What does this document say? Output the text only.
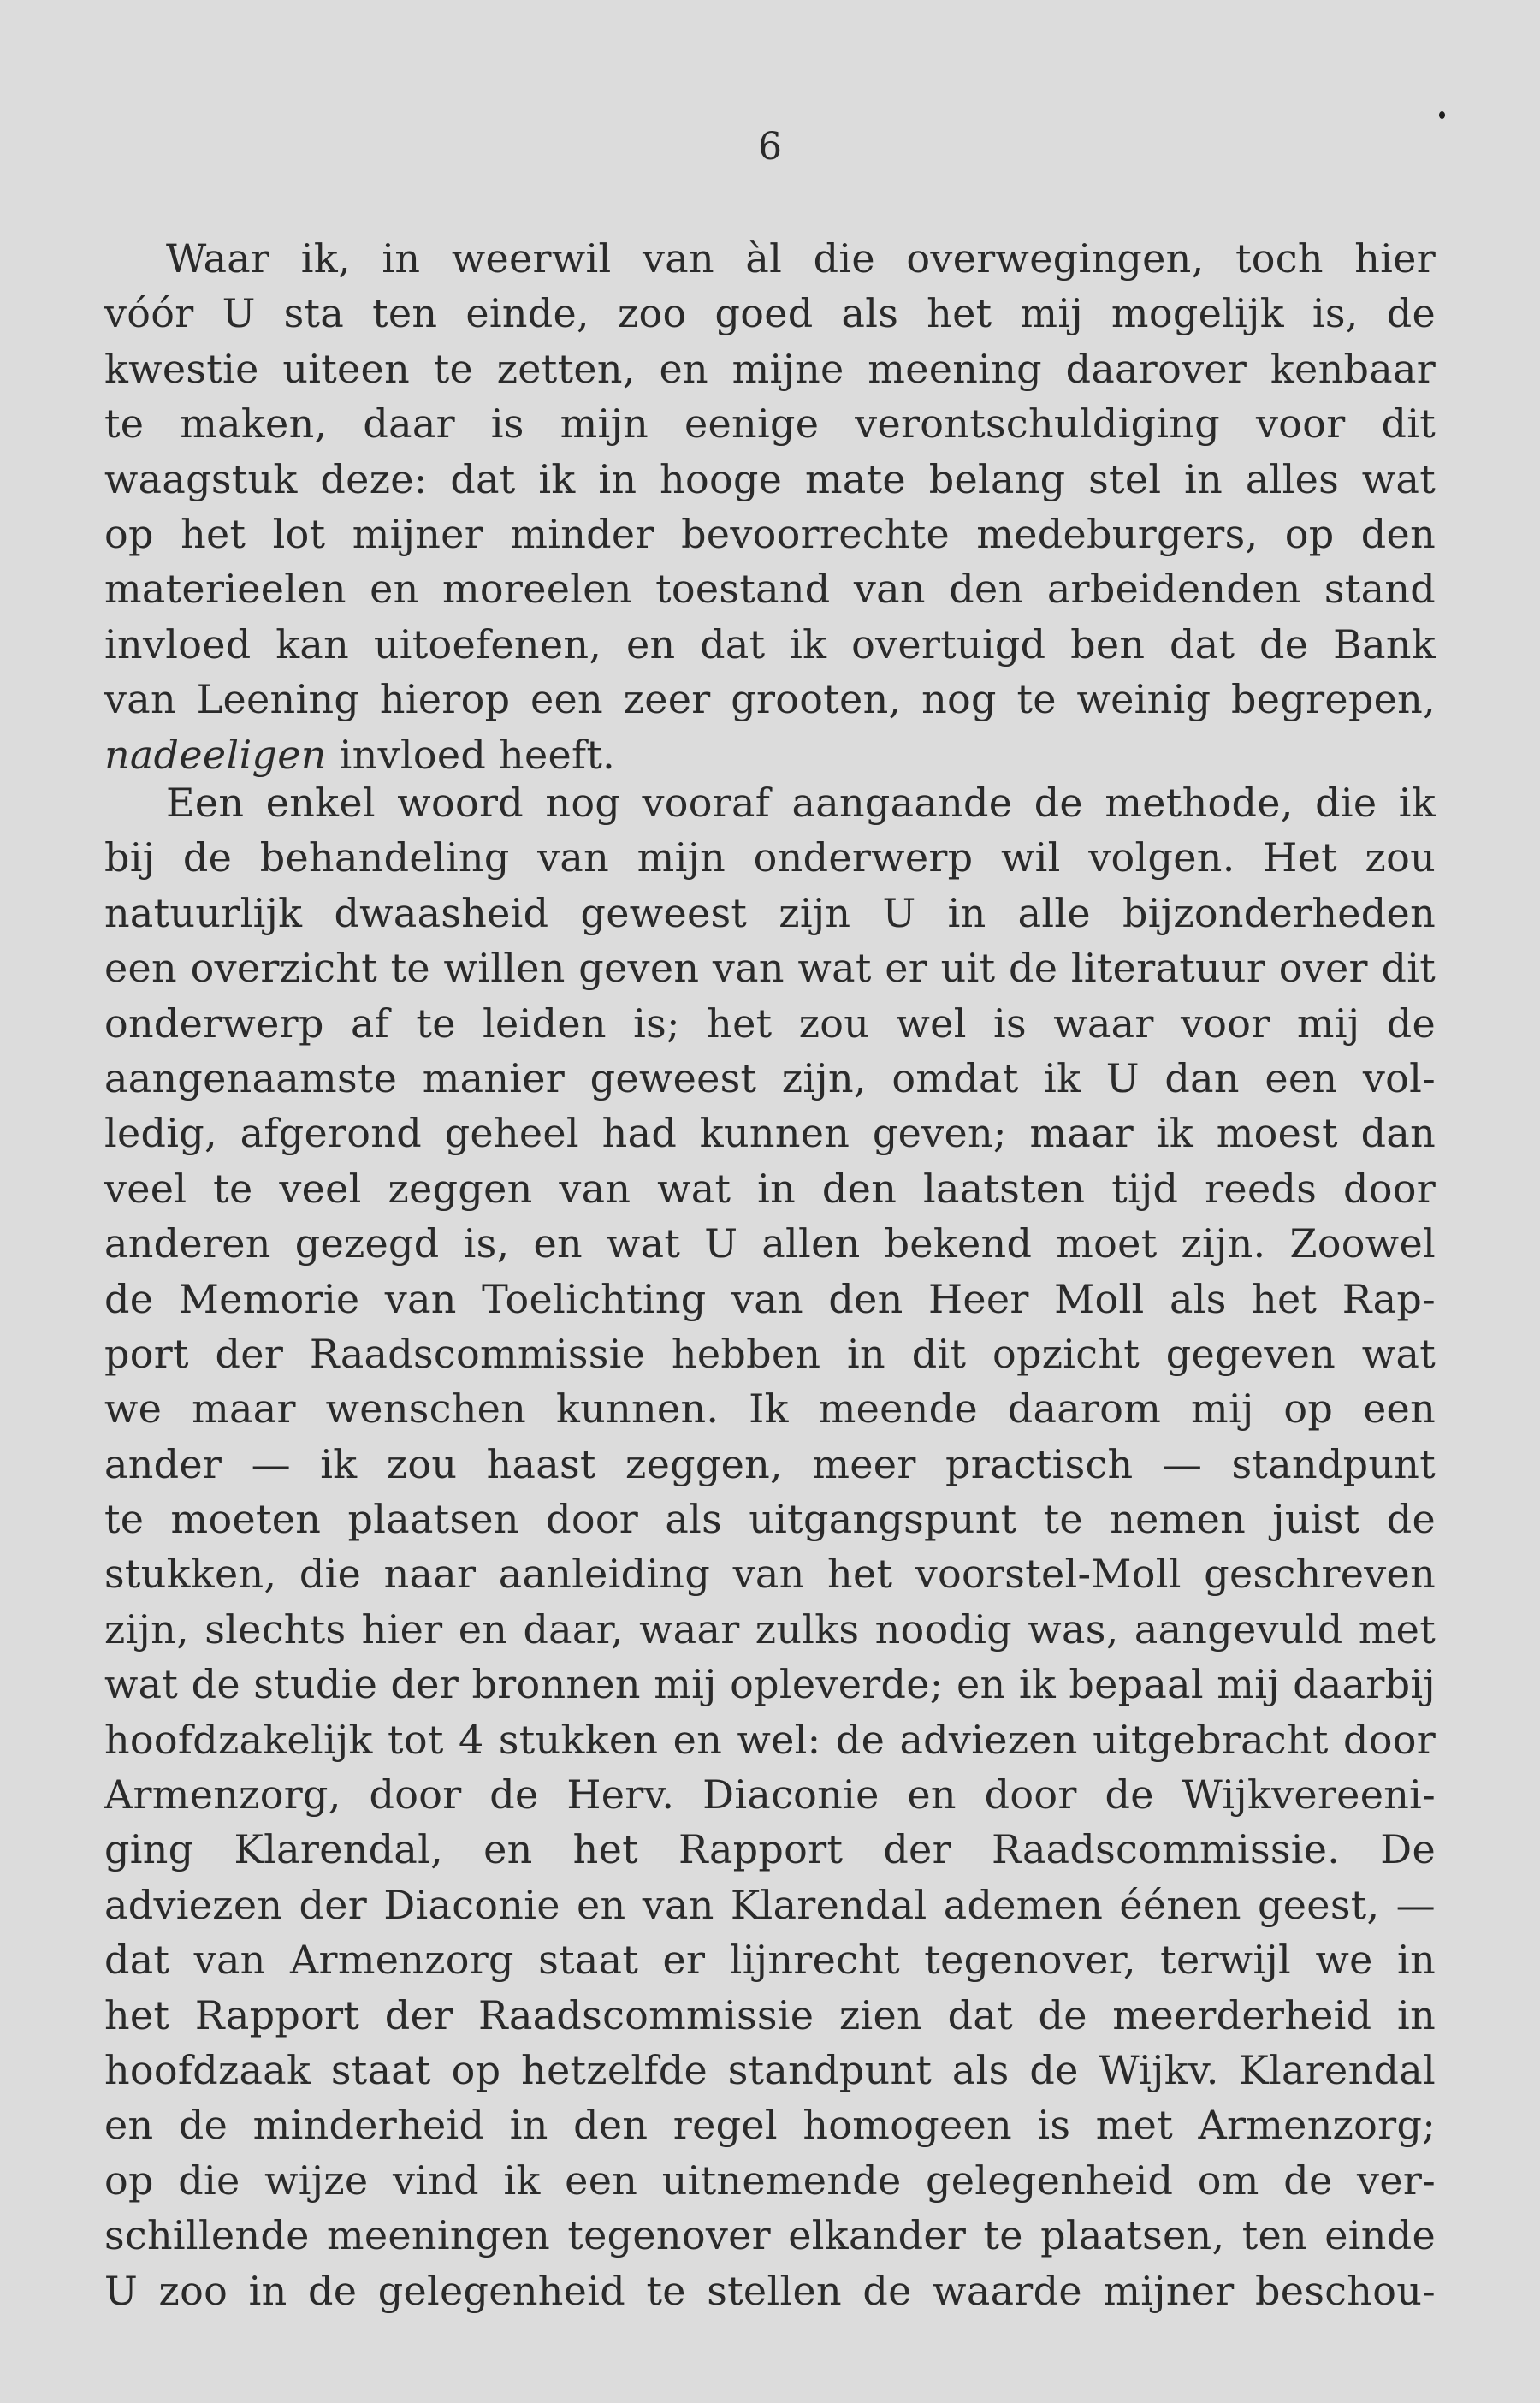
6
Waar ik, in weerwil van àl die overwegingen, toch hier
vóór U sta ten einde, zoo goed als het mij mogelijk is, de
kwestie uiteen te zetten, en mijne meening daarover kenbaar
te maken, daar is mijn eenige verontschuldiging voor dit
waagstuk deze: dat ik in hooge mate belang stel in alles wat
op het lot mijner minder bevoorrechte medeburgers, op den
materieelen en moreelen toestand van den arbeidenden stand
invloed kan uitoefenen, en dat ik overtuigd ben dat de Bank
van Leening hierop een zeer grooten, nog te weinig begrepen,
nadeeligen invloed heeft.
Een enkel woord nog vooraf aangaande de methode, die ik
bij de behandeling van mijn onderwerp wil volgen. Het zou
natuurlijk dwaasheid geweest zijn U in alle bijzonderheden
een overzicht te willen geven van wat er uit de literatuur over dit
onderwerp af te leiden is; het zou wel is waar voor mij de
aangenaamste manier geweest zijn, omdat ik U dan een vol-
ledig, afgerond geheel had kunnen geven; maar ik moest dan
veel te veel zeggen van wat in den laatsten tijd reeds door
anderen gezegd is, en wat U allen bekend moet zijn. Zoowel
de Memorie van Toelichting van den Heer Moll als het Rap-
port der Raadscommissie hebben in dit opzicht gegeven wat
we maar wenschen kunnen. Ik meende daarom mij op een
ander — ik zou haast zeggen, meer practisch — standpunt
te moeten plaatsen door als uitgangspunt te nemen juist de
stukken, die naar aanleiding van het voorstel-Moll geschreven
zijn, slechts hier en daar, waar zulks noodig was, aangevuld met
wat de studie der bronnen mij opleverde; en ik bepaal mij daarbij
hoofdzakelijk tot 4 stukken en wel: de adviezen uitgebracht door
Armenzorg, door de Herv. Diaconie en door de Wijkvereeni-
ging Klarendal, en het Rapport der Raadscommissie. De
adviezen der Diaconie en van Klarendal ademen éénen geest, —
dat van Armenzorg staat er lijnrecht tegenover, terwijl we in
het Rapport der Raadscommissie zien dat de meerderheid in
hoofdzaak staat op hetzelfde standpunt als de Wijkv. Klarendal
en de minderheid in den regel homogeen is met Armenzorg;
op die wijze vind ik een uitnemende gelegenheid om de ver-
schillende meeningen tegenover elkander te plaatsen, ten einde
U zoo in de gelegenheid te stellen de waarde mijner beschou-
